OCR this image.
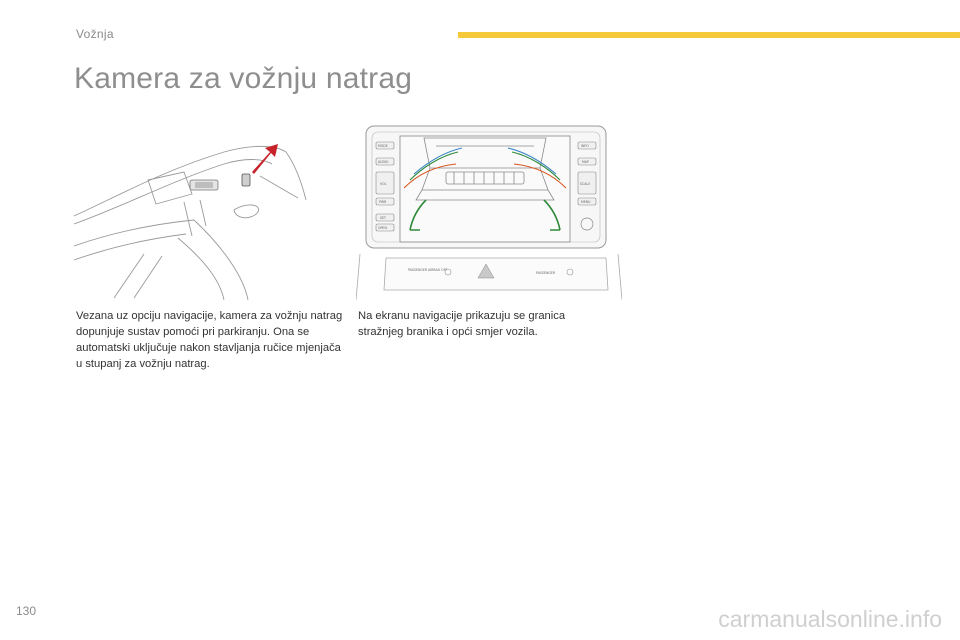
Vožnja
Kamera za vožnju natrag
MODE
AUDIO
VOL
PWR
SET
OPEN
INFO
MAP
SCALE
MENU
PASSENGER AIRBAG OFF
PASSENGER

Vezana uz opciju navigacije, kamera za vožnju natrag dopunjuje sustav pomoći pri parkiranju. Ona se automatski uključuje nakon stavljanja ručice mjenjača u stupanj za vožnju natrag.

Na ekranu navigacije prikazuju se granica stražnjeg branika i opći smjer vozila.

130	carmanualsonline.info
